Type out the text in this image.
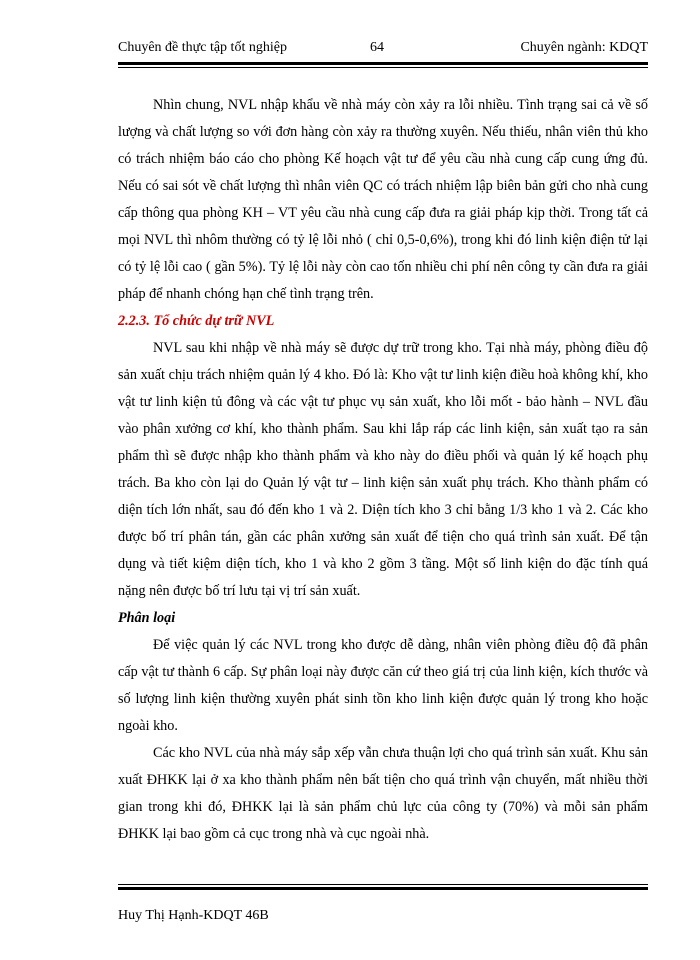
Chuyên đề thực tập tốt nghiệp	64	Chuyên ngành: KDQT

Nhìn chung, NVL nhập khẩu về nhà máy còn xảy ra lỗi nhiều. Tình trạng sai cả về số lượng và chất lượng so với đơn hàng còn xảy ra thường xuyên. Nếu thiếu, nhân viên thủ kho có trách nhiệm báo cáo cho phòng Kế hoạch vật tư để yêu cầu nhà cung cấp cung ứng đủ. Nếu có sai sót về chất lượng thì nhân viên QC có trách nhiệm lập biên bản gửi cho nhà cung cấp thông qua phòng KH – VT yêu cầu nhà cung cấp đưa ra giải pháp kịp thời. Trong tất cả mọi NVL thì nhôm thường có tỷ lệ lỗi nhỏ ( chỉ 0,5-0,6%), trong khi đó linh kiện điện tử lại có tỷ lệ lỗi cao ( gần 5%). Tỷ lệ lỗi này còn cao tốn nhiều chi phí nên công ty cần đưa ra giải pháp để nhanh chóng hạn chế tình trạng trên.

2.2.3. Tổ chức dự trữ NVL

NVL sau khi nhập về nhà máy sẽ được dự trữ trong kho. Tại nhà máy, phòng điều độ sản xuất chịu trách nhiệm quản lý 4 kho. Đó là: Kho vật tư linh kiện điều hoà không khí, kho vật tư linh kiện tủ đông và các vật tư phục vụ sản xuất, kho lỗi mốt - bảo hành – NVL đầu vào phân xưởng cơ khí, kho thành phẩm. Sau khi lắp ráp các linh kiện, sản xuất tạo ra sản phẩm thì sẽ được nhập kho thành phẩm và kho này do điều phối và quản lý kế hoạch phụ trách. Ba kho còn lại do Quản lý vật tư – linh kiện sản xuất phụ trách. Kho thành phẩm có diện tích lớn nhất, sau đó đến kho 1 và 2. Diện tích kho 3 chỉ bằng 1/3 kho 1 và 2. Các kho được bố trí phân tán, gần các phân xưởng sản xuất để tiện cho quá trình sản xuất. Để tận dụng và tiết kiệm diện tích, kho 1 và kho 2 gồm 3 tầng. Một số linh kiện do đặc tính quá nặng nên được bố trí lưu tại vị trí sản xuất.

Phân loại

Để việc quản lý các NVL trong kho được dễ dàng, nhân viên phòng điều độ đã phân cấp vật tư thành 6 cấp. Sự phân loại này được căn cứ theo giá trị của linh kiện, kích thước và số lượng linh kiện thường xuyên phát sinh tồn kho linh kiện được quản lý trong kho hoặc ngoài kho.

Các kho NVL của nhà máy sắp xếp vẫn chưa thuận lợi cho quá trình sản xuất. Khu sản xuất ĐHKK lại ở xa kho thành phẩm nên bất tiện cho quá trình vận chuyển, mất nhiều thời gian trong khi đó, ĐHKK lại là sản phẩm chủ lực của công ty (70%) và mỗi sản phẩm ĐHKK lại bao gồm cả cục trong nhà và cục ngoài nhà.

Huy Thị Hạnh-KDQT 46B
